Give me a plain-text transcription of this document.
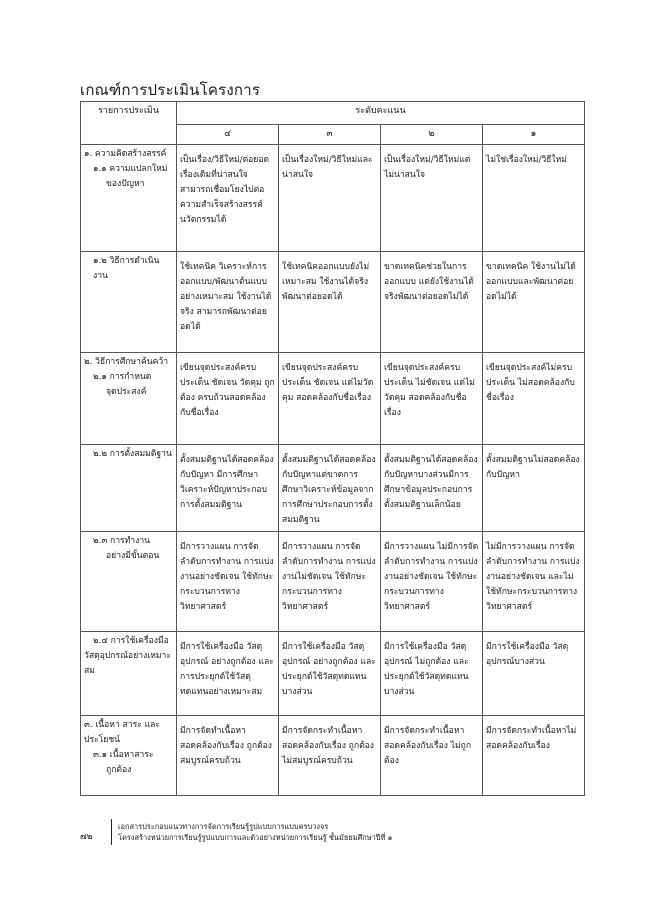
เกณฑ์การประเมินโครงการ
รายการประเมิน	ระดับคะแนน			
	๔	๓	๒	๑

๑. ความคิดสร้างสรรค์
๑.๑ ความแปลกใหม่
ของปัญหา	เป็นเรื่อง/วิธีใหม่/ต่อยอดเรื่องเดิมที่น่าสนใจ สามารถเชื่อมโยงไปต่อความสำเร็จสร้างสรรค์นวัตกรรมได้	เป็นเรื่องใหม่/วิธีใหม่และน่าสนใจ	เป็นเรื่องใหม่/วิธีใหม่แต่ไม่น่าสนใจ	ไม่ใช่เรื่องใหม่/วิธีใหม่

๑.๒ วิธีการดำเนินงาน	ใช้เทคนิค วิเคราะห์การออกแบบ/พัฒนาต้นแบบอย่างเหมาะสม ใช้งานได้จริง สามารถพัฒนาต่อยอดได้	ใช้เทคนิคออกแบบยังไม่เหมาะสม ใช้งานได้จริง พัฒนาต่อยอดได้	ขาดเทคนิคช่วยในการออกแบบ แต่ยังใช้งานได้จริงพัฒนาต่อยอดไม่ได้	ขาดเทคนิค ใช้งานไม่ได้ ออกแบบและพัฒนาต่อยอดไม่ได้

๒. วิธีการศึกษาค้นคว้า
๒.๑ การกำหนด
จุดประสงค์	เขียนจุดประสงค์ครบประเด็น ชัดเจน วัดคุม ถูกต้อง ครบถ้วนสอดคล้องกับชื่อเรื่อง	เขียนจุดประสงค์ครบประเด็น ชัดเจน แต่ไม่วัดคุม สอดคล้องกับชื่อเรื่อง	เขียนจุดประสงค์ครบประเด็น ไม่ชัดเจน แต่ไม่วัดคุม สอดคล้องกับชื่อเรื่อง	เขียนจุดประสงค์ไม่ครบประเด็น ไม่สอดคล้องกับชื่อเรื่อง

๒.๒ การตั้งสมมติฐาน	ตั้งสมมติฐานได้สอดคล้องกับปัญหา มีการศึกษาวิเคราะห์ปัญหาประกอบการตั้งสมมติฐาน	ตั้งสมมติฐานได้สอดคล้องกับปัญหาแต่ขาดการศึกษาวิเคราะห์ข้อมูลจากการศึกษาประกอบการตั้งสมมติฐาน	ตั้งสมมติฐานได้สอดคล้องกับปัญหาบางส่วนมีการศึกษาข้อมูลประกอบการตั้งสมมติฐานเล็กน้อย	ตั้งสมมติฐานไม่สอดคล้องกับปัญหา

๒.๓ การทำงาน
อย่างมีขั้นตอน	มีการวางแผน การจัดลำดับการทำงาน การแบ่งงานอย่างชัดเจน ใช้ทักษะกระบวนการทางวิทยาศาสตร์	มีการวางแผน การจัดลำดับการทำงาน การแบ่งงานไม่ชัดเจน ใช้ทักษะกระบวนการทางวิทยาศาสตร์	มีการวางแผน ไม่มีการจัดลำดับการทำงาน การแบ่งงานอย่างชัดเจน ใช้ทักษะกระบวนการทางวิทยาศาสตร์	ไม่มีการวางแผน การจัดลำดับการทำงาน การแบ่งงานอย่างชัดเจน และไม่ใช้ทักษะกระบวนการทางวิทยาศาสตร์

๒.๔ การใช้เครื่องมือ
วัสดุอุปกรณ์อย่างเหมาะสม	มีการใช้เครื่องมือ วัสดุอุปกรณ์ อย่างถูกต้อง และการประยุกต์ใช้วัสดุทดแทนอย่างเหมาะสม	มีการใช้เครื่องมือ วัสดุอุปกรณ์ อย่างถูกต้อง และประยุกต์ใช้วัสดุทดแทนบางส่วน	มีการใช้เครื่องมือ วัสดุอุปกรณ์ ไม่ถูกต้อง และประยุกต์ใช้วัสดุทดแทนบางส่วน	มีการใช้เครื่องมือ วัสดุอุปกรณ์บางส่วน

๓. เนื้อหา สาระ และประโยชน์
๓.๑ เนื้อหาสาระ
ถูกต้อง	มีการจัดทำเนื้อหาสอดคล้องกับเรื่อง ถูกต้อง สมบูรณ์ครบถ้วน	มีการจัดกระทำเนื้อหาสอดคล้องกับเรื่อง ถูกต้อง ไม่สมบูรณ์ครบถ้วน	มีการจัดกระทำเนื้อหาสอดคล้องกับเรื่อง ไม่ถูกต้อง	มีการจัดกระทำเนื้อหาไม่สอดคล้องกับเรื่อง
๗๒
เอกสารประกอบแนวทางการจัดการเรียนรู้รูปแบบการแบบครบวงจร
โครงสร้างหน่วยการเรียนรู้รูปแบบการและตัวอย่างหน่วยการเรียนรู้ ชั้นมัธยมศึกษาปีที่ ๑
